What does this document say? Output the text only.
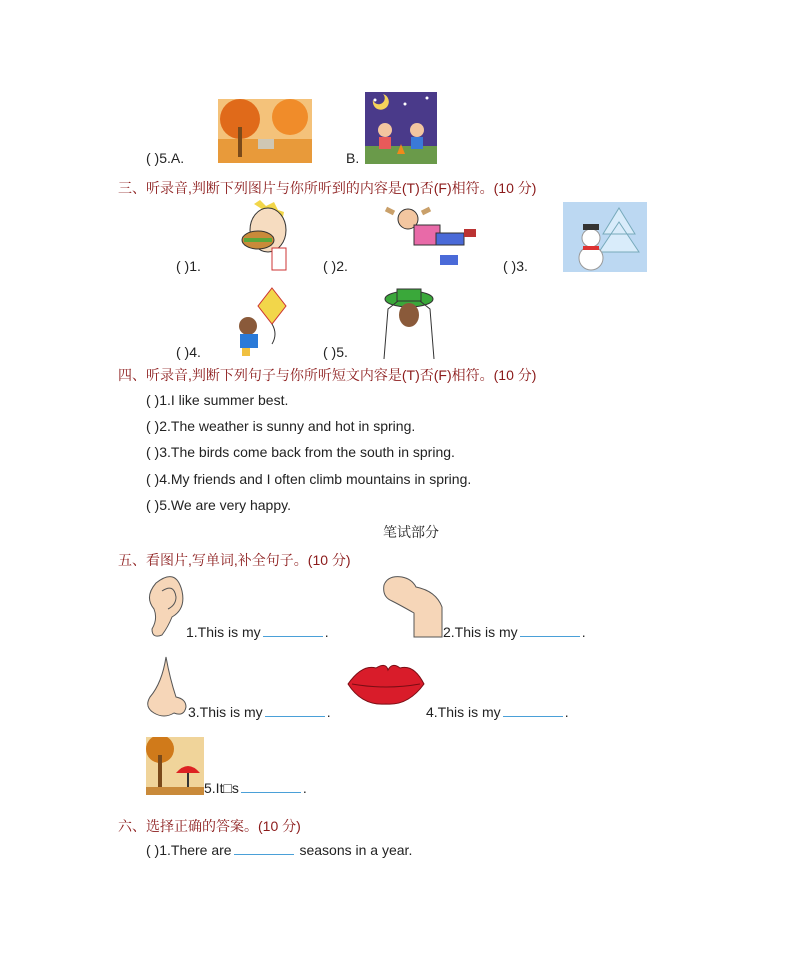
( )5.A.	B.
三、听录音,判断下列图片与你所听到的内容是(T)否(F)相符。(10 分)
( )1.	( )2.	( )3.
( )4.	( )5.
四、听录音,判断下列句子与你所听短文内容是(T)否(F)相符。(10 分)
( )1.I like summer best.
( )2.The weather is sunny and hot in spring.
( )3.The birds come back from the south in spring.
( )4.My friends and I often climb mountains in spring.
( )5.We are very happy.
笔试部分
五、看图片,写单词,补全句子。(10 分)
1.This is my	.	2.This is my	.
3.This is my	.	4.This is my	.
5.It□s	.
六、选择正确的答案。(10 分)
( )1.There are	seasons in a year.
